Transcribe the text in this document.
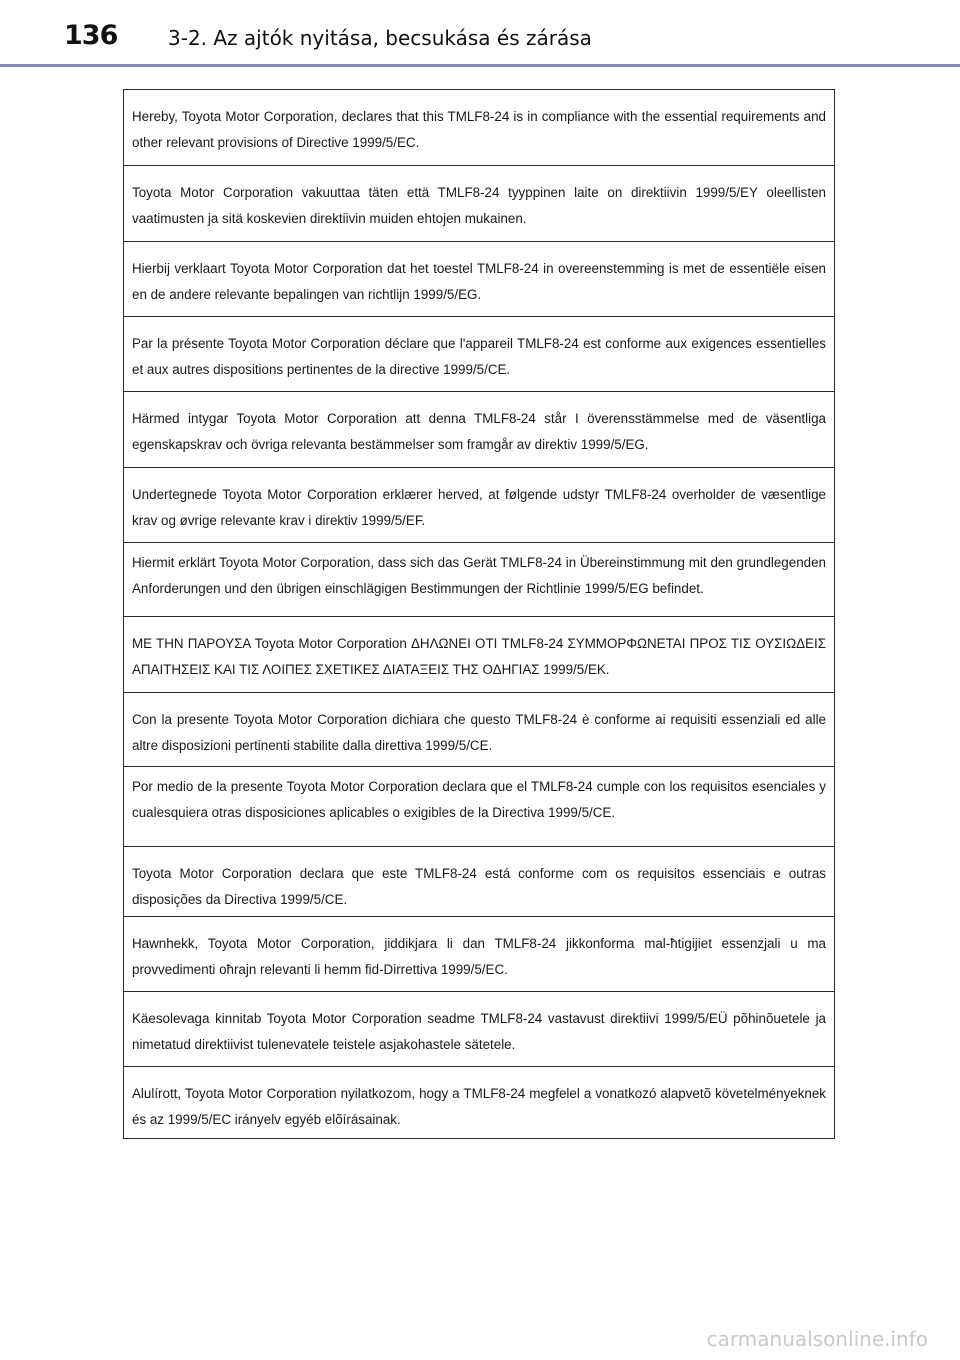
136	3-2. Az ajtók nyitása, becsukása és zárása
Hereby, Toyota Motor Corporation, declares that this TMLF8-24 is in compliance with the essential requirements and other relevant provisions of Directive 1999/5/EC.
Toyota Motor Corporation vakuuttaa täten että TMLF8-24 tyyppinen laite on direktiivin 1999/5/EY oleellisten vaatimusten ja sitä koskevien direktiivin muiden ehtojen mukainen.
Hierbij verklaart Toyota Motor Corporation dat het toestel TMLF8-24 in overeenstemming is met de essentiële eisen en de andere relevante bepalingen van richtlijn 1999/5/EG.
Par la présente Toyota Motor Corporation déclare que l'appareil TMLF8-24 est conforme aux exigences essentielles et aux autres dispositions pertinentes de la directive 1999/5/CE.
Härmed intygar Toyota Motor Corporation att denna TMLF8-24 står I överensstämmelse med de väsentliga egenskapskrav och övriga relevanta bestämmelser som framgår av direktiv 1999/5/EG.
Undertegnede Toyota Motor Corporation erklærer herved, at følgende udstyr TMLF8-24 overholder de væsentlige krav og øvrige relevante krav i direktiv 1999/5/EF.
Hiermit erklärt Toyota Motor Corporation, dass sich das Gerät TMLF8-24 in Übereinstimmung mit den grundlegenden Anforderungen und den übrigen einschlägigen Bestimmungen der Richtlinie 1999/5/EG befindet.
ΜΕ ΤΗΝ ΠΑΡΟΥΣΑ Toyota Motor Corporation ΔΗΛΩΝΕΙ ΟΤΙ TMLF8-24 ΣΥΜΜΟΡΦΩΝΕΤΑΙ ΠΡΟΣ ΤΙΣ ΟΥΣΙΩΔΕΙΣ ΑΠΑΙΤΗΣΕΙΣ ΚΑΙ ΤΙΣ ΛΟΙΠΕΣ ΣΧΕΤΙΚΕΣ ΔΙΑΤΑΞΕΙΣ ΤΗΣ ΟΔΗΓΙΑΣ 1999/5/ΕΚ.
Con la presente Toyota Motor Corporation dichiara che questo TMLF8-24 è conforme ai requisiti essenziali ed alle altre disposizioni pertinenti stabilite dalla direttiva 1999/5/CE.
Por medio de la presente Toyota Motor Corporation declara que el TMLF8-24 cumple con los requisitos esenciales y cualesquiera otras disposiciones aplicables o exigibles de la Directiva 1999/5/CE.
Toyota Motor Corporation declara que este TMLF8-24 está conforme com os requisitos essenciais e outras disposições da Directiva 1999/5/CE.
Hawnhekk, Toyota Motor Corporation, jiddikjara li dan TMLF8-24 jikkonforma mal-ħtigijiet essenzjali u ma provvedimenti oħrajn relevanti li hemm fid-Dirrettiva 1999/5/EC.
Käesolevaga kinnitab Toyota Motor Corporation seadme TMLF8-24 vastavust direktiivi 1999/5/EÜ põhinõuetele ja nimetatud direktiivist tulenevatele teistele asjakohastele sätetele.
Alulírott, Toyota Motor Corporation nyilatkozom, hogy a TMLF8-24 megfelel a vonatkozó alapvetõ követelményeknek és az 1999/5/EC irányelv egyéb elõírásainak.
carmanualsonline.info
